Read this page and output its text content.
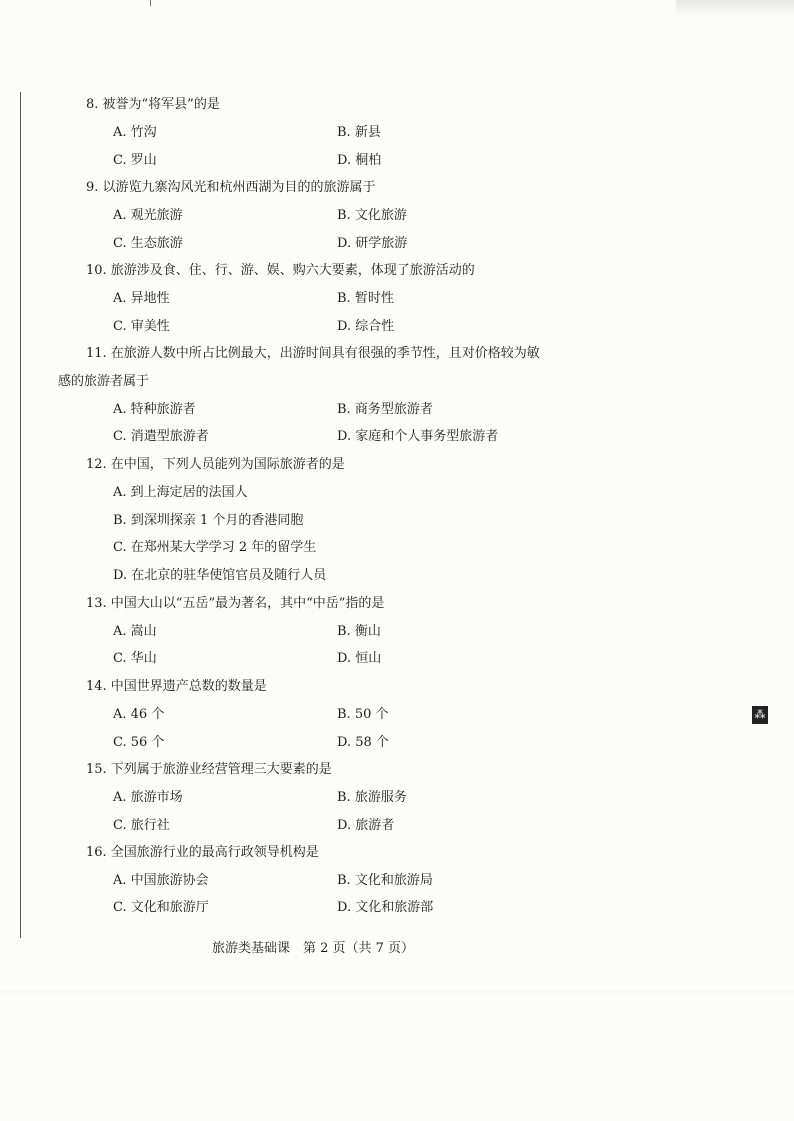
8. 被誉为“将军县”的是
A. 竹沟	B. 新县
C. 罗山	D. 桐柏
9. 以游览九寨沟风光和杭州西湖为目的的旅游属于
A. 观光旅游	B. 文化旅游
C. 生态旅游	D. 研学旅游
10. 旅游涉及食、住、行、游、娱、购六大要素，体现了旅游活动的
A. 异地性	B. 暂时性
C. 审美性	D. 综合性
11. 在旅游人数中所占比例最大，出游时间具有很强的季节性，且对价格较为敏
感的旅游者属于
A. 特种旅游者	B. 商务型旅游者
C. 消遣型旅游者	D. 家庭和个人事务型旅游者
12. 在中国，下列人员能列为国际旅游者的是
A. 到上海定居的法国人
B. 到深圳探亲 1 个月的香港同胞
C. 在郑州某大学学习 2 年的留学生
D. 在北京的驻华使馆官员及随行人员
13. 中国大山以“五岳”最为著名，其中“中岳”指的是
A. 嵩山	B. 衡山
C. 华山	D. 恒山
14. 中国世界遗产总数的数量是
A. 46 个	B. 50 个
C. 56 个	D. 58 个
15. 下列属于旅游业经营管理三大要素的是
A. 旅游市场	B. 旅游服务
C. 旅行社	D. 旅游者
16. 全国旅游行业的最高行政领导机构是
A. 中国旅游协会	B. 文化和旅游局
C. 文化和旅游厅	D. 文化和旅游部
旅游类基础课　第 2 页（共 7 页）
⁂
